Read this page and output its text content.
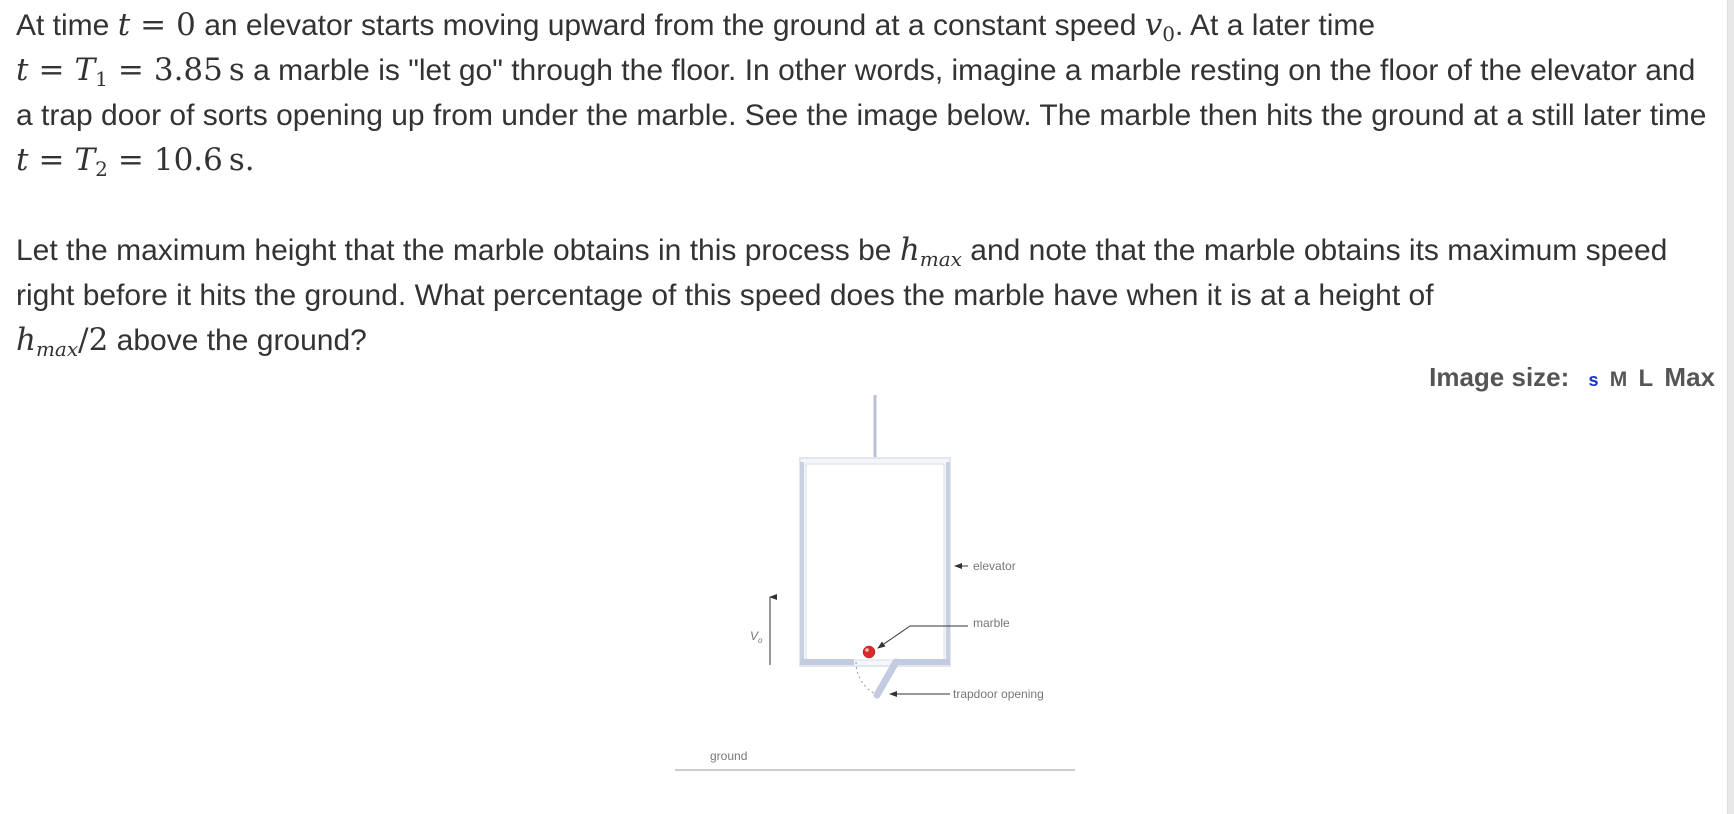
At time t = 0 an elevator starts moving upward from the ground at a constant speed $v_0$. At a later time
$t = T_1 = 3.85$ s a marble is "let go" through the floor. In other words, imagine a marble resting on the floor of the elevator and a trap door of sorts opening up from under the marble. See the image below. The marble then hits the ground at a still later time $t = T_2 = 10.6$ s.

Let the maximum height that the marble obtains in this process be $h_{max}$ and note that the marble obtains its maximum speed right before it hits the ground. What percentage of this speed does the marble have when it is at a height of
$h_{max}/2$ above the ground?

Image size: s M L Max
$V_o$
elevator
marble
trapdoor opening
ground
